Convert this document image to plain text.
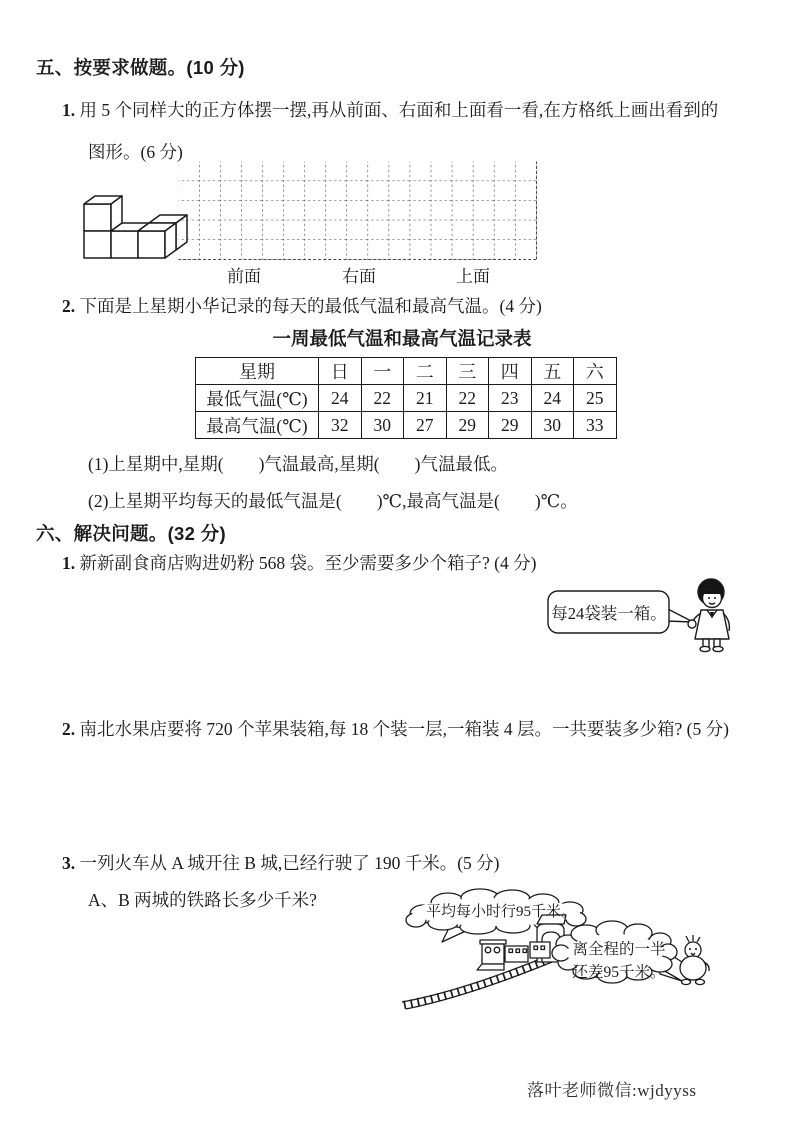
五、按要求做题。(10 分)
1. 用 5 个同样大的正方体摆一摆,再从前面、右面和上面看一看,在方格纸上画出看到的
图形。(6 分)
前面	右面	上面
2. 下面是上星期小华记录的每天的最低气温和最高气温。(4 分)
一周最低气温和最高气温记录表
星期	日	一	二	三	四	五	六
最低气温(℃)	24	22	21	22	23	24	25
最高气温(℃)	32	30	27	29	29	30	33
(1)上星期中,星期(　　)气温最高,星期(　　)气温最低。
(2)上星期平均每天的最低气温是(　　)℃,最高气温是(　　)℃。
六、解决问题。(32 分)
1. 新新副食商店购进奶粉 568 袋。至少需要多少个箱子? (4 分)
每24袋装一箱。
2. 南北水果店要将 720 个苹果装箱,每 18 个装一层,一箱装 4 层。一共要装多少箱? (5 分)
3. 一列火车从 A 城开往 B 城,已经行驶了 190 千米。(5 分)
A、B 两城的铁路长多少千米?
平均每小时行95千米。
离全程的一半
还差95千米。
落叶老师微信:wjdyyss
